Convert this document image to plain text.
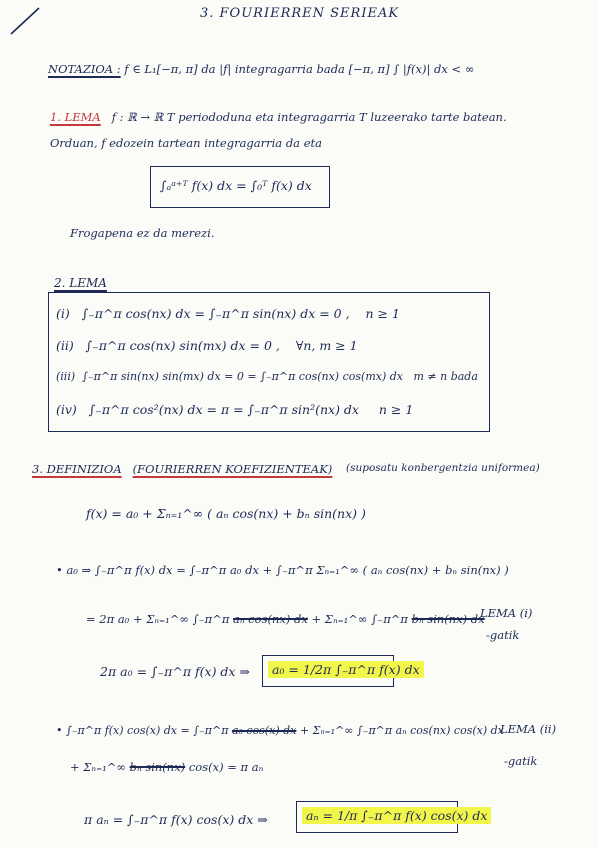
3. FOURIERREN SERIEAK
NOTAZIOA : f ∈ L₁[−π, π] da |f| integragarria bada [−π, π] ∫ |f(x)| dx < ∞
1. LEMA f : ℝ → ℝ T periododuna eta integragarria T luzeerako tarte batean.
Orduan, f edozein tartean integragarria da eta
∫ₐᵃ⁺ᵀ f(x) dx = ∫₀ᵀ f(x) dx
Frogapena ez da merezi.
2. LEMA
(i) ∫₋π^π cos(nx) dx = ∫₋π^π sin(nx) dx = 0 , n ≥ 1
(ii) ∫₋π^π cos(nx) sin(mx) dx = 0 , ∀n, m ≥ 1
(iii) ∫₋π^π sin(nx) sin(mx) dx = 0 = ∫₋π^π cos(nx) cos(mx) dx m ≠ n bada
(iv) ∫₋π^π cos²(nx) dx = π = ∫₋π^π sin²(nx) dx n ≥ 1
3. DEFINIZIOA (FOURIERREN KOEFIZIENTEAK) (suposatu konbergentzia uniformea)
f(x) = a₀ + Σₙ₌₁^∞ ( aₙ cos(nx) + bₙ sin(nx) )
• a₀ ⇒ ∫₋π^π f(x) dx = ∫₋π^π a₀ dx + ∫₋π^π Σₙ₌₁^∞ ( aₙ cos(nx) + bₙ sin(nx) )
= 2π a₀ + Σₙ₌₁^∞ ∫₋π^π aₙ cos(nx) dx + Σₙ₌₁^∞ ∫₋π^π bₙ sin(nx) dx
LEMA (i)
-gatik
2π a₀ = ∫₋π^π f(x) dx ⇒	a₀ = 1/2π ∫₋π^π f(x) dx
• ∫₋π^π f(x) cos(x) dx = ∫₋π^π a₀ cos(x) dx + Σₙ₌₁^∞ ∫₋π^π aₙ cos(nx) cos(x) dx
LEMA (ii)
-gatik
+ Σₙ₌₁^∞ bₙ sin(nx) cos(x) = π aₙ
π aₙ = ∫₋π^π f(x) cos(x) dx ⇒	aₙ = 1/π ∫₋π^π f(x) cos(x) dx
